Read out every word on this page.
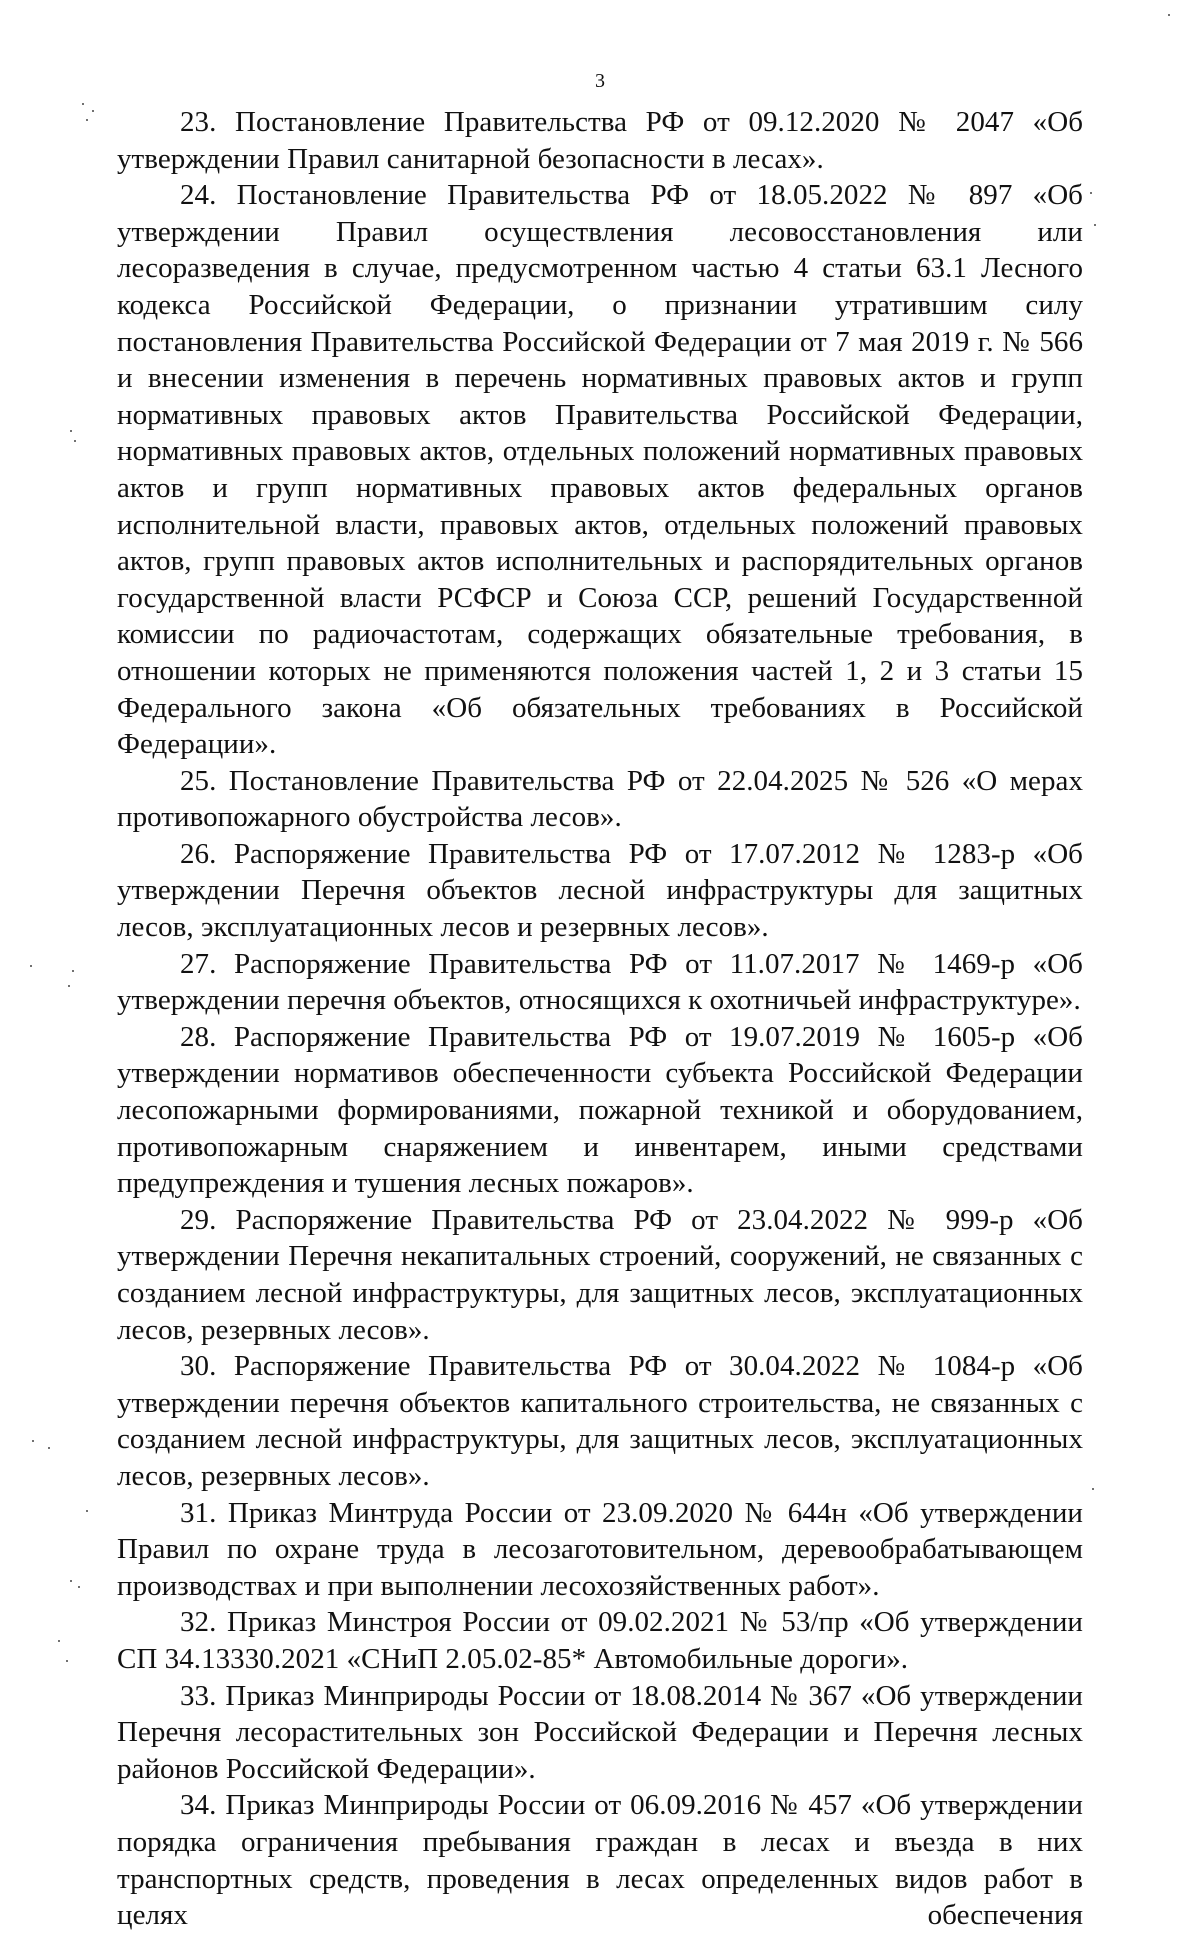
3

23. Постановление Правительства РФ от 09.12.2020 № 2047 «Об утверждении Правил санитарной безопасности в лесах».

24. Постановление Правительства РФ от 18.05.2022 № 897 «Об утверждении Правил осуществления лесовосстановления или лесоразведения в случае, предусмотренном частью 4 статьи 63.1 Лесного кодекса Российской Федерации, о признании утратившим силу постановления Правительства Российской Федерации от 7 мая 2019 г. № 566 и внесении изменения в перечень нормативных правовых актов и групп нормативных правовых актов Правительства Российской Федерации, нормативных правовых актов, отдельных положений нормативных правовых актов и групп нормативных правовых актов федеральных органов исполнительной власти, правовых актов, отдельных положений правовых актов, групп правовых актов исполнительных и распорядительных органов государственной власти РСФСР и Союза ССР, решений Государственной комиссии по радиочастотам, содержащих обязательные требования, в отношении которых не применяются положения частей 1, 2 и 3 статьи 15 Федерального закона «Об обязательных требованиях в Российской Федерации».

25. Постановление Правительства РФ от 22.04.2025 № 526 «О мерах противопожарного обустройства лесов».

26. Распоряжение Правительства РФ от 17.07.2012 № 1283-р «Об утверждении Перечня объектов лесной инфраструктуры для защитных лесов, эксплуатационных лесов и резервных лесов».

27. Распоряжение Правительства РФ от 11.07.2017 № 1469-р «Об утверждении перечня объектов, относящихся к охотничьей инфраструктуре».

28. Распоряжение Правительства РФ от 19.07.2019 № 1605-р «Об утверждении нормативов обеспеченности субъекта Российской Федерации лесопожарными формированиями, пожарной техникой и оборудованием, противопожарным снаряжением и инвентарем, иными средствами предупреждения и тушения лесных пожаров».

29. Распоряжение Правительства РФ от 23.04.2022 № 999-р «Об утверждении Перечня некапитальных строений, сооружений, не связанных с созданием лесной инфраструктуры, для защитных лесов, эксплуатационных лесов, резервных лесов».

30. Распоряжение Правительства РФ от 30.04.2022 № 1084-р «Об утверждении перечня объектов капитального строительства, не связанных с созданием лесной инфраструктуры, для защитных лесов, эксплуатационных лесов, резервных лесов».

31. Приказ Минтруда России от 23.09.2020 № 644н «Об утверждении Правил по охране труда в лесозаготовительном, деревообрабатывающем производствах и при выполнении лесохозяйственных работ».

32. Приказ Минстроя России от 09.02.2021 № 53/пр «Об утверждении СП 34.13330.2021 «СНиП 2.05.02-85* Автомобильные дороги».

33. Приказ Минприроды России от 18.08.2014 № 367 «Об утверждении Перечня лесорастительных зон Российской Федерации и Перечня лесных районов Российской Федерации».

34. Приказ Минприроды России от 06.09.2016 № 457 «Об утверждении порядка ограничения пребывания граждан в лесах и въезда в них транспортных средств, проведения в лесах определенных видов работ в целях обеспечения
